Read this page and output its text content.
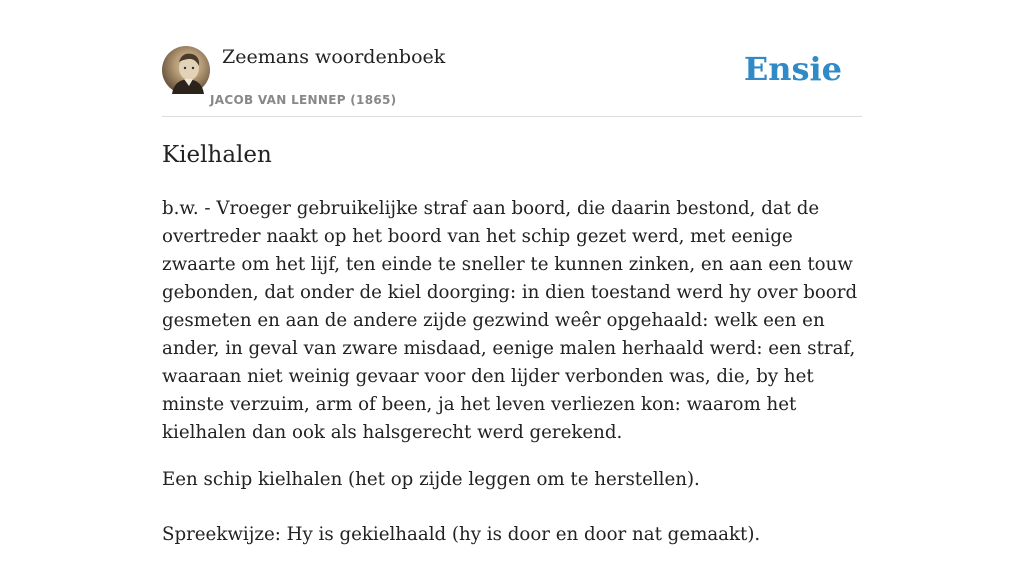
Zeemans woordenboek
JACOB VAN LENNEP (1865)
Ensie
Kielhalen

b.w. - Vroeger gebruikelijke straf aan boord, die daarin bestond, dat de overtreder naakt op het boord van het schip gezet werd, met eenige zwaarte om het lijf, ten einde te sneller te kunnen zinken, en aan een touw gebonden, dat onder de kiel doorging: in dien toestand werd hy over boord gesmeten en aan de andere zijde gezwind weêr opgehaald: welk een en ander, in geval van zware misdaad, eenige malen herhaald werd: een straf, waaraan niet weinig gevaar voor den lijder verbonden was, die, by het minste verzuim, arm of been, ja het leven verliezen kon: waarom het kielhalen dan ook als halsgerecht werd gerekend.

Een schip kielhalen (het op zijde leggen om te herstellen).

Spreekwijze: Hy is gekielhaald (hy is door en door nat gemaakt).
